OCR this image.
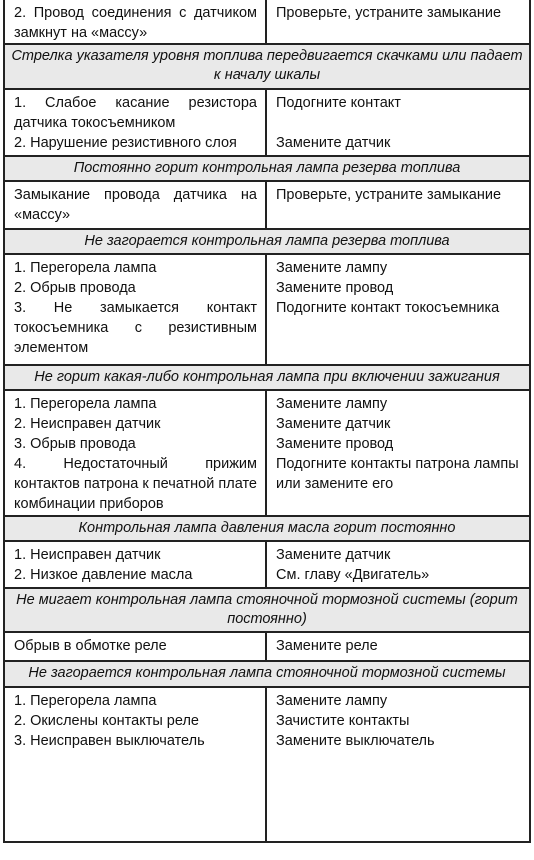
2. Провод соединения с датчиком замкнут на «массу»

Проверьте, устраните замыкание

Стрелка указателя уровня топлива передвигается скачками или падает к началу шкалы

1. Слабое касание резистора датчика токосъемником

2. Нарушение резистивного слоя

Подогните контакт

Замените датчик

Постоянно горит контрольная лампа резерва топлива

Замыкание провода датчика на «массу»

Проверьте, устраните замыкание

Не загорается контрольная лампа резерва топлива

1. Перегорела лампа

2. Обрыв провода

3. Не замыкается контакт токосъемника с резистивным элементом

Замените лампу

Замените провод

Подогните контакт токосъемника

Не горит какая-либо контрольная лампа при включении зажигания

1. Перегорела лампа

2. Неисправен датчик

3. Обрыв провода

4. Недостаточный прижим контактов патрона к печатной плате комбинации приборов

Замените лампу

Замените датчик

Замените провод

Подогните контакты патрона лампы или замените его

Контрольная лампа давления масла горит постоянно

1. Неисправен датчик

2. Низкое давление масла

Замените датчик

См. главу «Двигатель»

Не мигает контрольная лампа стояночной тормозной системы (горит постоянно)

Обрыв в обмотке реле	Замените реле

Не загорается контрольная лампа стояночной тормозной системы

1. Перегорела лампа

2. Окислены контакты реле

3. Неисправен выключатель

Замените лампу

Зачистите контакты

Замените выключатель
